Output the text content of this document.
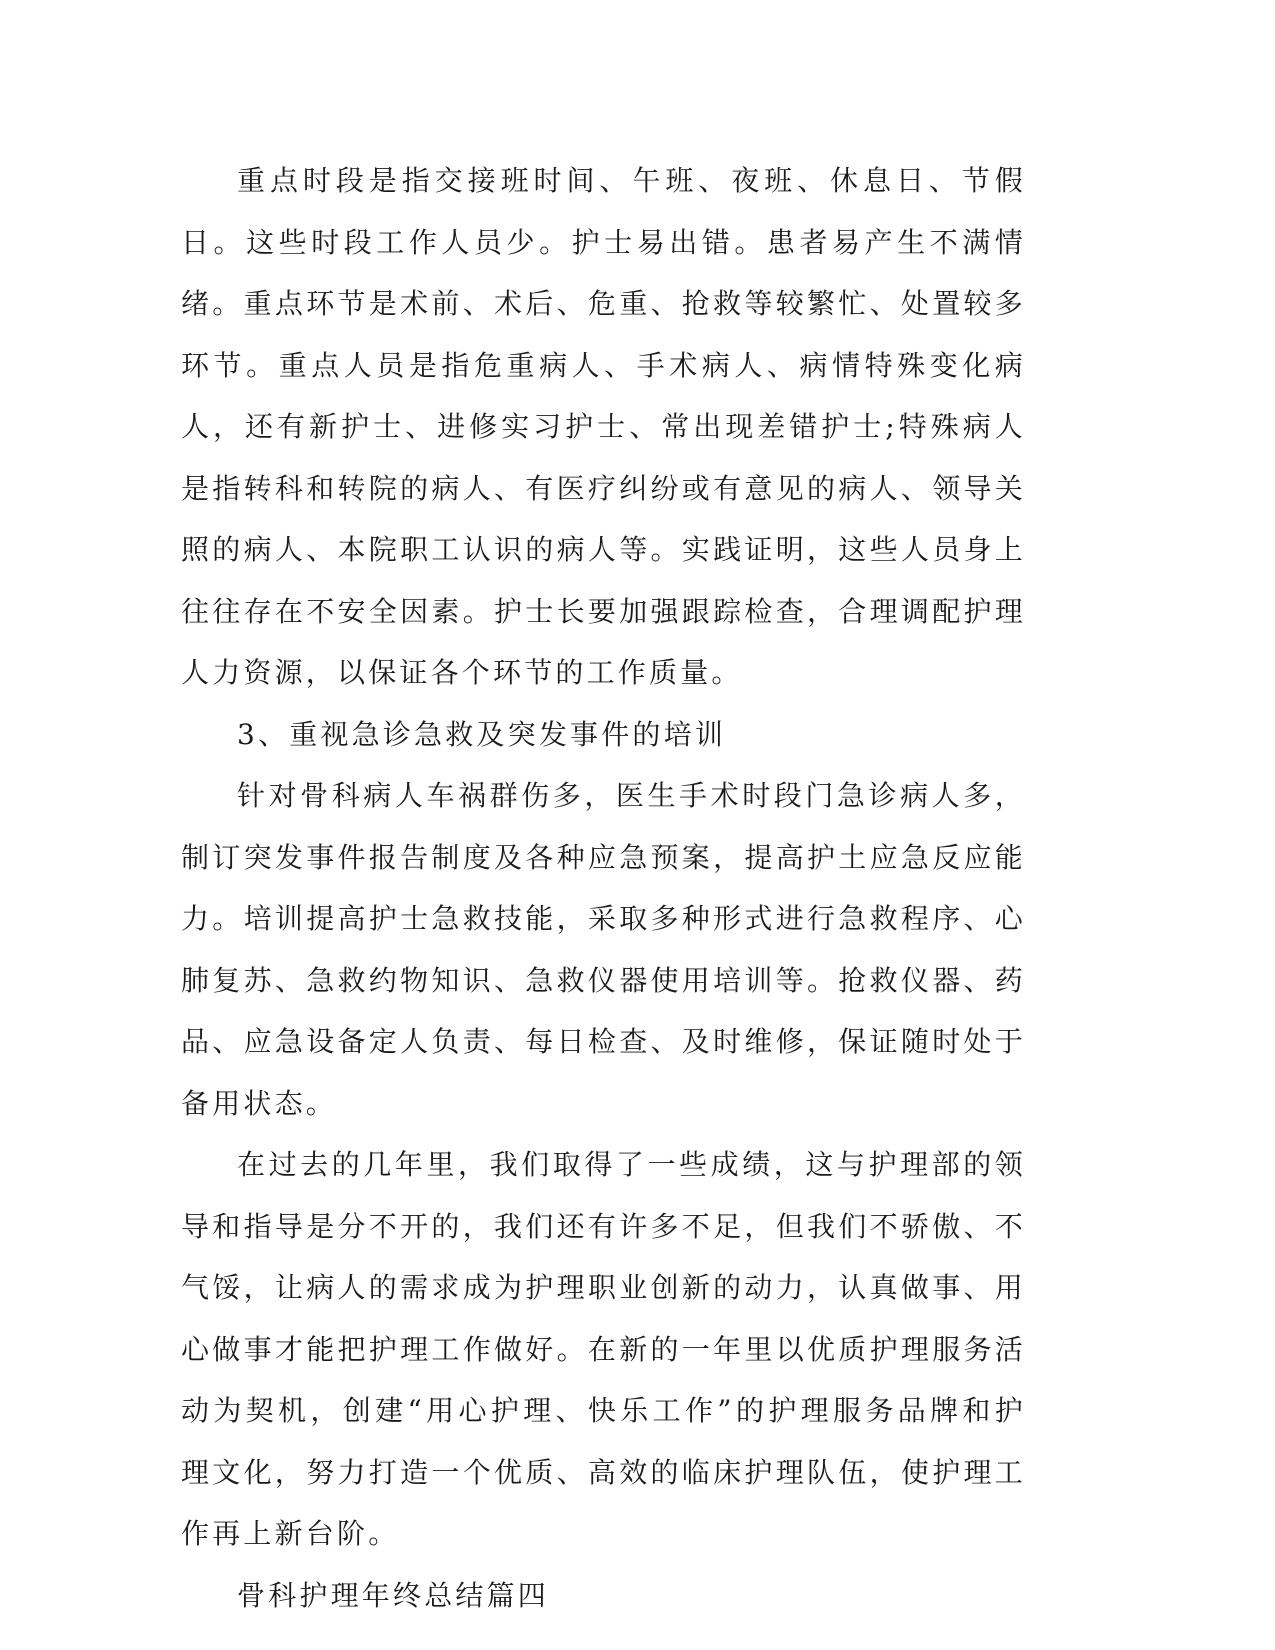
重点时段是指交接班时间、午班、夜班、休息日、节假日。这些时段工作人员少。护士易出错。患者易产生不满情绪。重点环节是术前、术后、危重、抢救等较繁忙、处置较多环节。重点人员是指危重病人、手术病人、病情特殊变化病人，还有新护士、进修实习护士、常出现差错护士;特殊病人是指转科和转院的病人、有医疗纠纷或有意见的病人、领导关照的病人、本院职工认识的病人等。实践证明，这些人员身上往往存在不安全因素。护士长要加强跟踪检查，合理调配护理人力资源，以保证各个环节的工作质量。

3、重视急诊急救及突发事件的培训

针对骨科病人车祸群伤多，医生手术时段门急诊病人多，制订突发事件报告制度及各种应急预案，提高护土应急反应能力。培训提高护士急救技能，采取多种形式进行急救程序、心肺复苏、急救约物知识、急救仪器使用培训等。抢救仪器、药品、应急设备定人负责、每日检查、及时维修，保证随时处于备用状态。

在过去的几年里，我们取得了一些成绩，这与护理部的领导和指导是分不开的，我们还有许多不足，但我们不骄傲、不气馁，让病人的需求成为护理职业创新的动力，认真做事、用心做事才能把护理工作做好。在新的一年里以优质护理服务活动为契机，创建“用心护理、快乐工作”的护理服务品牌和护理文化，努力打造一个优质、高效的临床护理队伍，使护理工作再上新台阶。

骨科护理年终总结篇四
